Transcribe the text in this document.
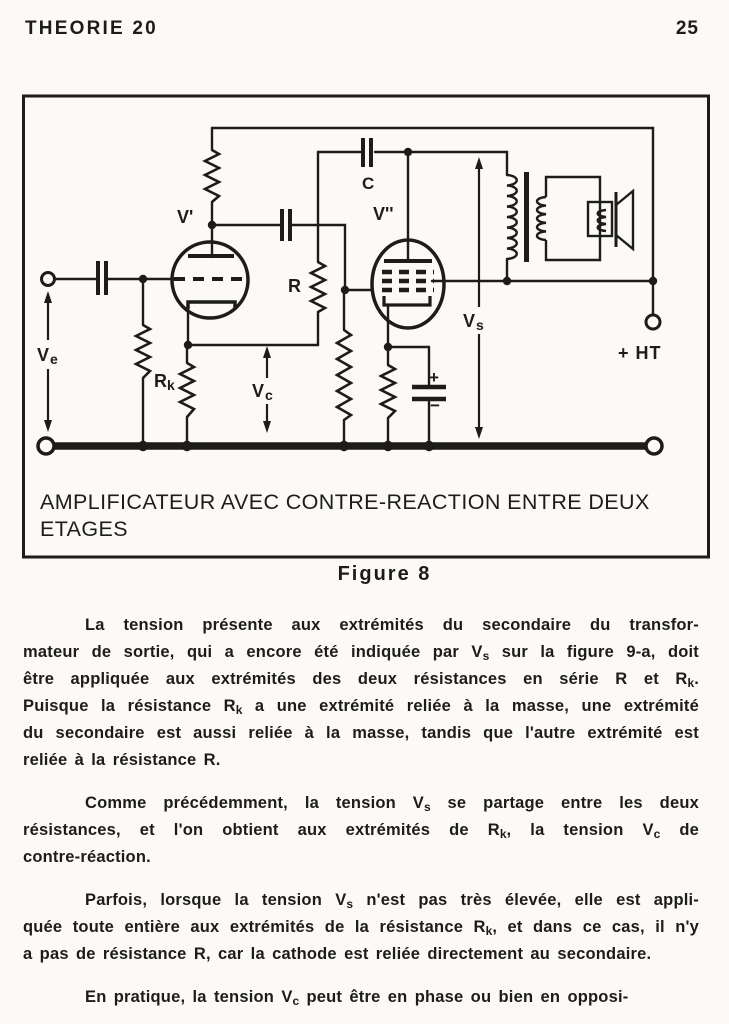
THEORIE 20	25
V'	V''
C
R
R k	V c
V e
V s
+ HT
+
−
AMPLIFICATEUR AVEC CONTRE-REACTION ENTRE DEUX
ETAGES
Figure 8
La tension présente aux extrémités du secondaire du transfor-
mateur de sortie, qui a encore été indiquée par $V_s$ sur la figure 9-a, doit
être appliquée aux extrémités des deux résistances en série R et $R_k$.
Puisque la résistance $R_k$ a une extrémité reliée à la masse, une extrémité
du secondaire est aussi reliée à la masse, tandis que l'autre extrémité est
reliée à la résistance R.
Comme précédemment, la tension $V_s$ se partage entre les deux
résistances, et l'on obtient aux extrémités de $R_k$, la tension $V_c$ de
contre-réaction.
Parfois, lorsque la tension $V_s$ n'est pas très élevée, elle est appli-
quée toute entière aux extrémités de la résistance $R_k$, et dans ce cas, il n'y
a pas de résistance R, car la cathode est reliée directement au secondaire.
En pratique, la tension $V_c$ peut être en phase ou bien en opposi-
